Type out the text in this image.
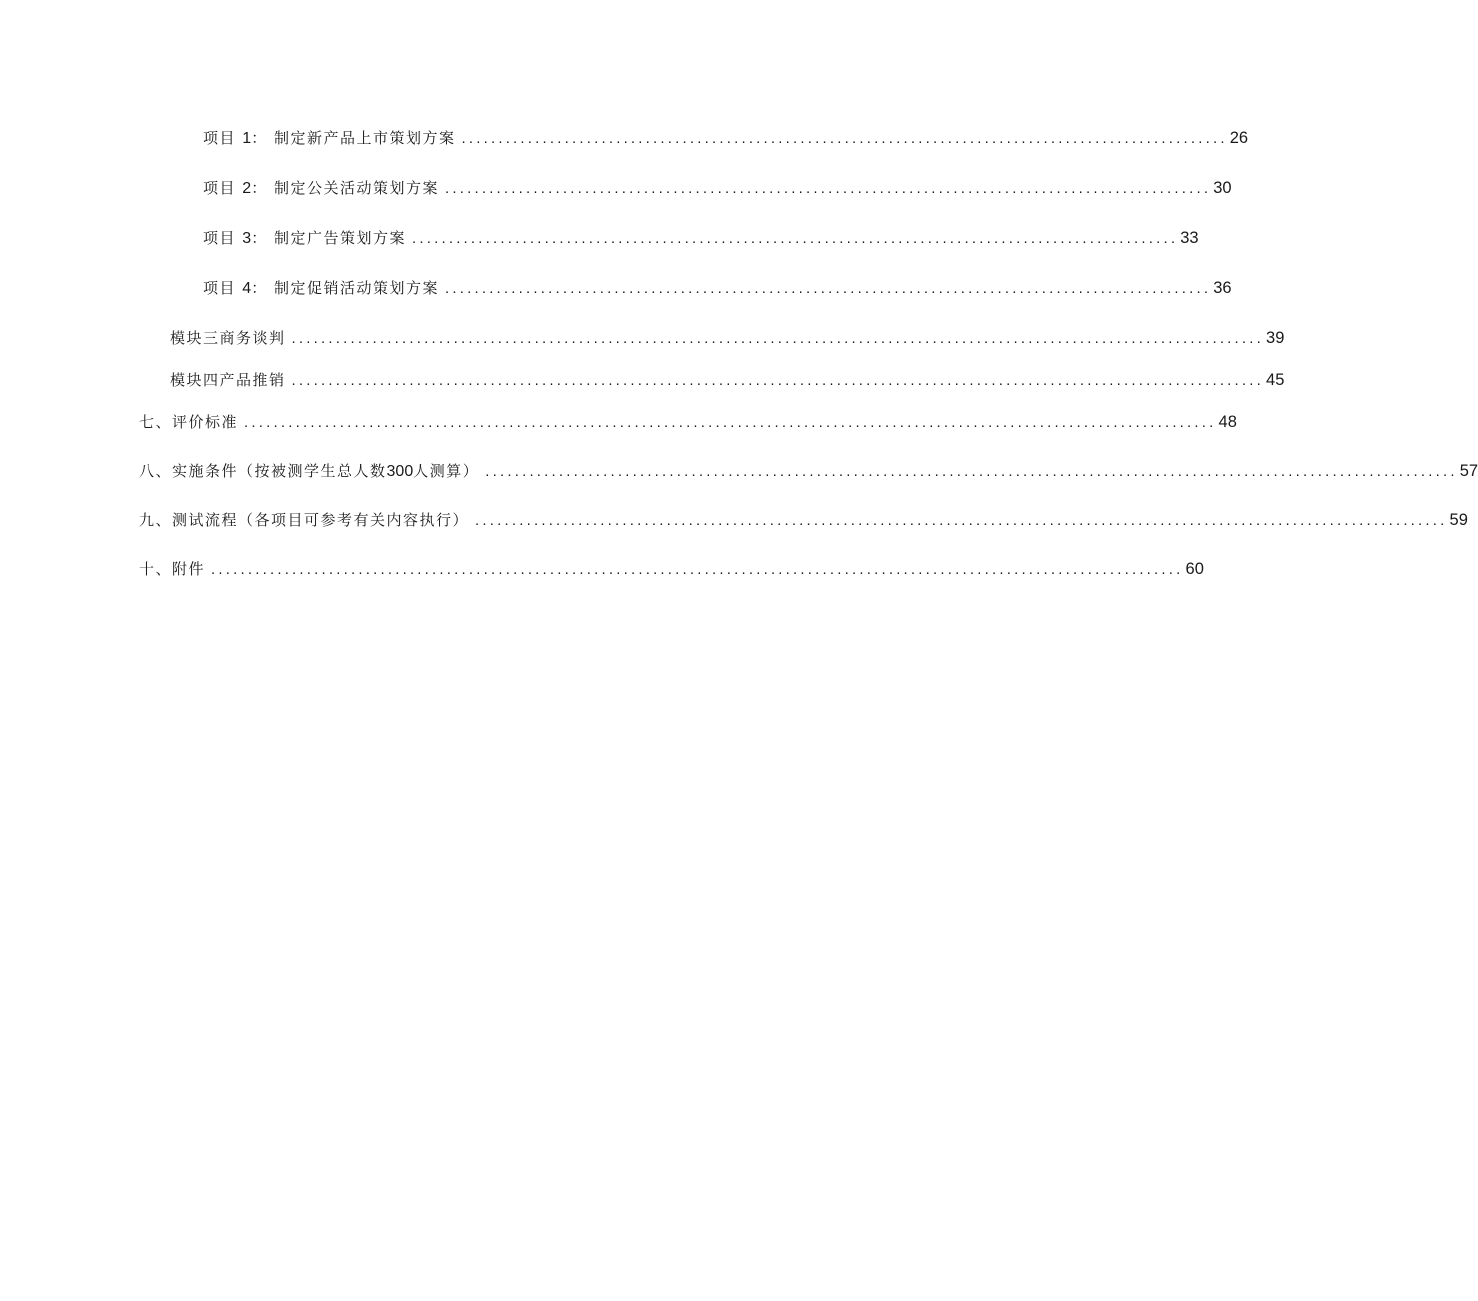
项目 1： 制定新产品上市策划方案 ........................................................................................................ 26
项目 2： 制定公关活动策划方案 ........................................................................................................ 30
项目 3： 制定广告策划方案 ........................................................................................................ 33
项目 4： 制定促销活动策划方案 ........................................................................................................ 36
模块三商务谈判 .................................................................................................................................... 39
模块四产品推销 .................................................................................................................................... 45
七、评价标准 .................................................................................................................................... 48
八、实施条件（按被测学生总人数300人测算） .................................................................................................................................... 57
九、测试流程（各项目可参考有关内容执行） .................................................................................................................................... 59
十、附件 .................................................................................................................................... 60
